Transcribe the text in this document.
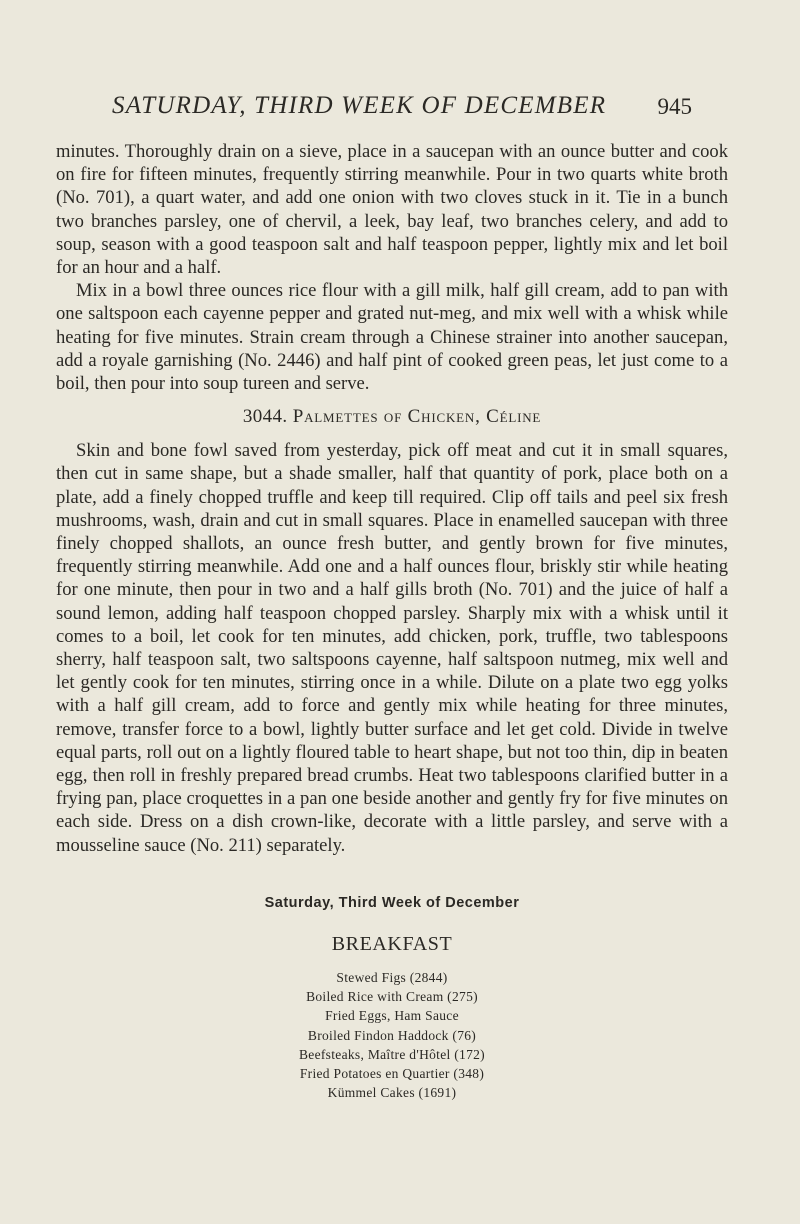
SATURDAY, THIRD WEEK OF DECEMBER 945

minutes. Thoroughly drain on a sieve, place in a saucepan with an ounce butter and cook on fire for fifteen minutes, frequently stirring meanwhile. Pour in two quarts white broth (No. 701), a quart water, and add one onion with two cloves stuck in it. Tie in a bunch two branches parsley, one of chervil, a leek, bay leaf, two branches celery, and add to soup, season with a good teaspoon salt and half teaspoon pepper, lightly mix and let boil for an hour and a half.

Mix in a bowl three ounces rice flour with a gill milk, half gill cream, add to pan with one saltspoon each cayenne pepper and grated nut-meg, and mix well with a whisk while heating for five minutes. Strain cream through a Chinese strainer into another saucepan, add a royale garnishing (No. 2446) and half pint of cooked green peas, let just come to a boil, then pour into soup tureen and serve.

3044. Palmettes of Chicken, Céline

Skin and bone fowl saved from yesterday, pick off meat and cut it in small squares, then cut in same shape, but a shade smaller, half that quantity of pork, place both on a plate, add a finely chopped truffle and keep till required. Clip off tails and peel six fresh mushrooms, wash, drain and cut in small squares. Place in enamelled saucepan with three finely chopped shallots, an ounce fresh butter, and gently brown for five minutes, frequently stirring meanwhile. Add one and a half ounces flour, briskly stir while heating for one minute, then pour in two and a half gills broth (No. 701) and the juice of half a sound lemon, adding half teaspoon chopped parsley. Sharply mix with a whisk until it comes to a boil, let cook for ten minutes, add chicken, pork, truffle, two tablespoons sherry, half teaspoon salt, two saltspoons cayenne, half saltspoon nutmeg, mix well and let gently cook for ten minutes, stirring once in a while. Dilute on a plate two egg yolks with a half gill cream, add to force and gently mix while heating for three minutes, remove, transfer force to a bowl, lightly butter surface and let get cold. Divide in twelve equal parts, roll out on a lightly floured table to heart shape, but not too thin, dip in beaten egg, then roll in freshly prepared bread crumbs. Heat two tablespoons clarified butter in a frying pan, place croquettes in a pan one beside another and gently fry for five minutes on each side. Dress on a dish crown-like, decorate with a little parsley, and serve with a mousseline sauce (No. 211) separately.

Saturday, Third Week of December
BREAKFAST
Stewed Figs (2844)
Boiled Rice with Cream (275)
Fried Eggs, Ham Sauce
Broiled Findon Haddock (76)
Beefsteaks, Maître d'Hôtel (172)
Fried Potatoes en Quartier (348)
Kümmel Cakes (1691)
